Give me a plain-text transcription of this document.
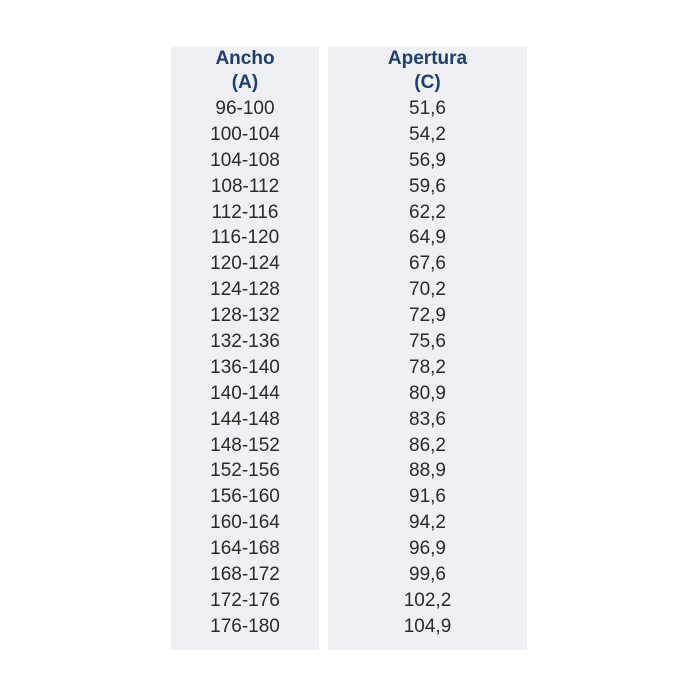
Ancho
(A)
96-100
100-104
104-108
108-112
112-116
116-120
120-124
124-128
128-132
132-136
136-140
140-144
144-148
148-152
152-156
156-160
160-164
164-168
168-172
172-176
176-180
Apertura
(C)
51,6
54,2
56,9
59,6
62,2
64,9
67,6
70,2
72,9
75,6
78,2
80,9
83,6
86,2
88,9
91,6
94,2
96,9
99,6
102,2
104,9
